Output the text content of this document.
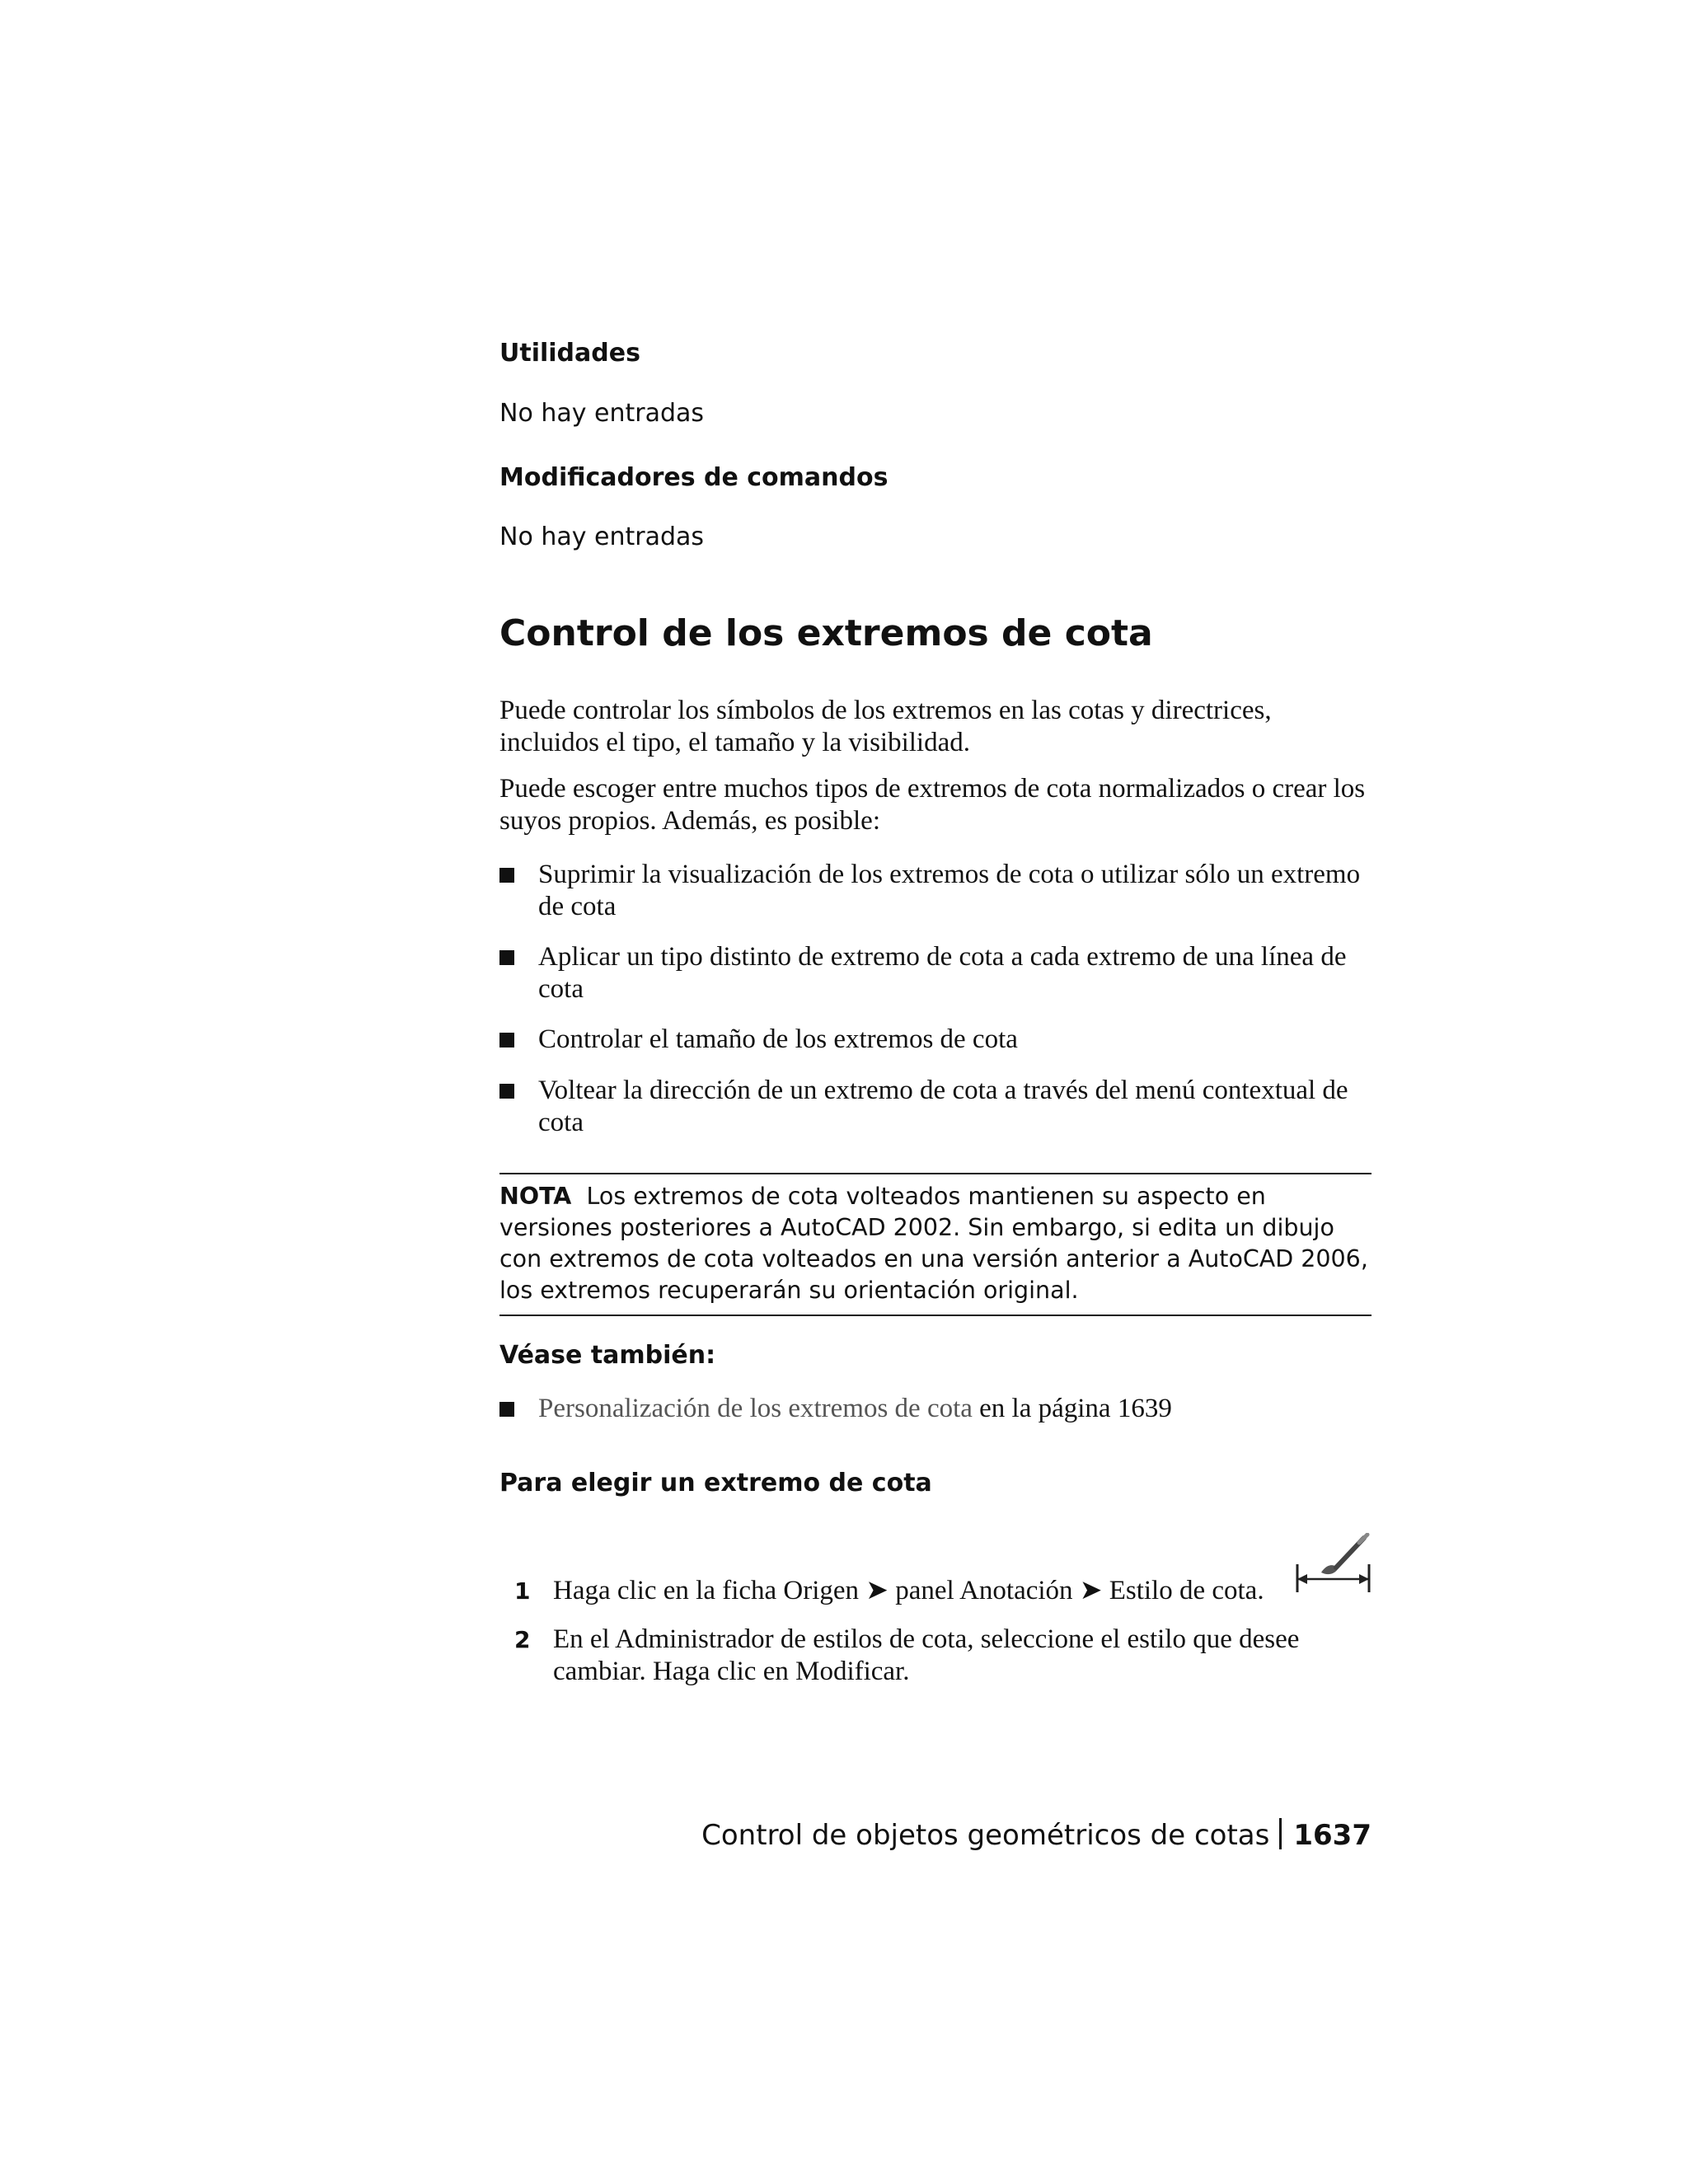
Utilidades
No hay entradas
Modificadores de comandos
No hay entradas
Control de los extremos de cota
Puede controlar los símbolos de los extremos en las cotas y directrices, incluidos el tipo, el tamaño y la visibilidad.
Puede escoger entre muchos tipos de extremos de cota normalizados o crear los suyos propios. Además, es posible:
Suprimir la visualización de los extremos de cota o utilizar sólo un extremo de cota
Aplicar un tipo distinto de extremo de cota a cada extremo de una línea de cota
Controlar el tamaño de los extremos de cota
Voltear la dirección de un extremo de cota a través del menú contextual de cota
NOTA Los extremos de cota volteados mantienen su aspecto en versiones posteriores a AutoCAD 2002. Sin embargo, si edita un dibujo con extremos de cota volteados en una versión anterior a AutoCAD 2006, los extremos recuperarán su orientación original.
Véase también:
Personalización de los extremos de cota en la página 1639
Para elegir un extremo de cota
1 Haga clic en la ficha Origen ➤ panel Anotación ➤ Estilo de cota.
2 En el Administrador de estilos de cota, seleccione el estilo que desee cambiar. Haga clic en Modificar.
Control de objetos geométricos de cotas 1637
